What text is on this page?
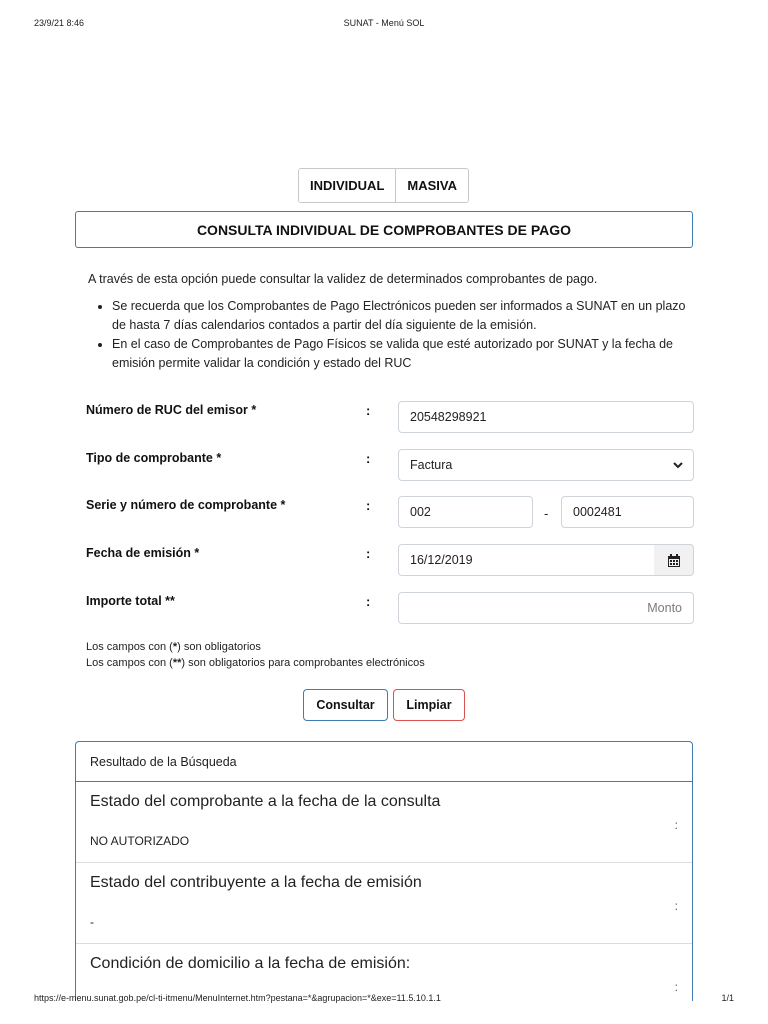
23/9/21 8:46	SUNAT - Menú SOL
INDIVIDUAL	MASIVA
CONSULTA INDIVIDUAL DE COMPROBANTES DE PAGO

A través de esta opción puede consultar la validez de determinados comprobantes de pago.

• Se recuerda que los Comprobantes de Pago Electrónicos pueden ser informados a SUNAT en un plazo de hasta 7 días calendarios contados a partir del día siguiente de la emisión.
• En el caso de Comprobantes de Pago Físicos se valida que esté autorizado por SUNAT y la fecha de emisión permite validar la condición y estado del RUC
Número de RUC del emisor *	:	20548298921
Tipo de comprobante *	:	Factura
Serie y número de comprobante *	:	002	-	0002481
Fecha de emisión *	:	16/12/2019
Importe total **	:	Monto
Los campos con (*) son obligatorios
Los campos con (**) son obligatorios para comprobantes electrónicos
Consultar	Limpiar
Resultado de la Búsqueda
Estado del comprobante a la fecha de la consulta
:
NO AUTORIZADO
Estado del contribuyente a la fecha de emisión
:
-
Condición de domicilio a la fecha de emisión:
:
https://e-menu.sunat.gob.pe/cl-ti-itmenu/MenuInternet.htm?pestana=*&agrupacion=*&exe=11.5.10.1.1	1/1
